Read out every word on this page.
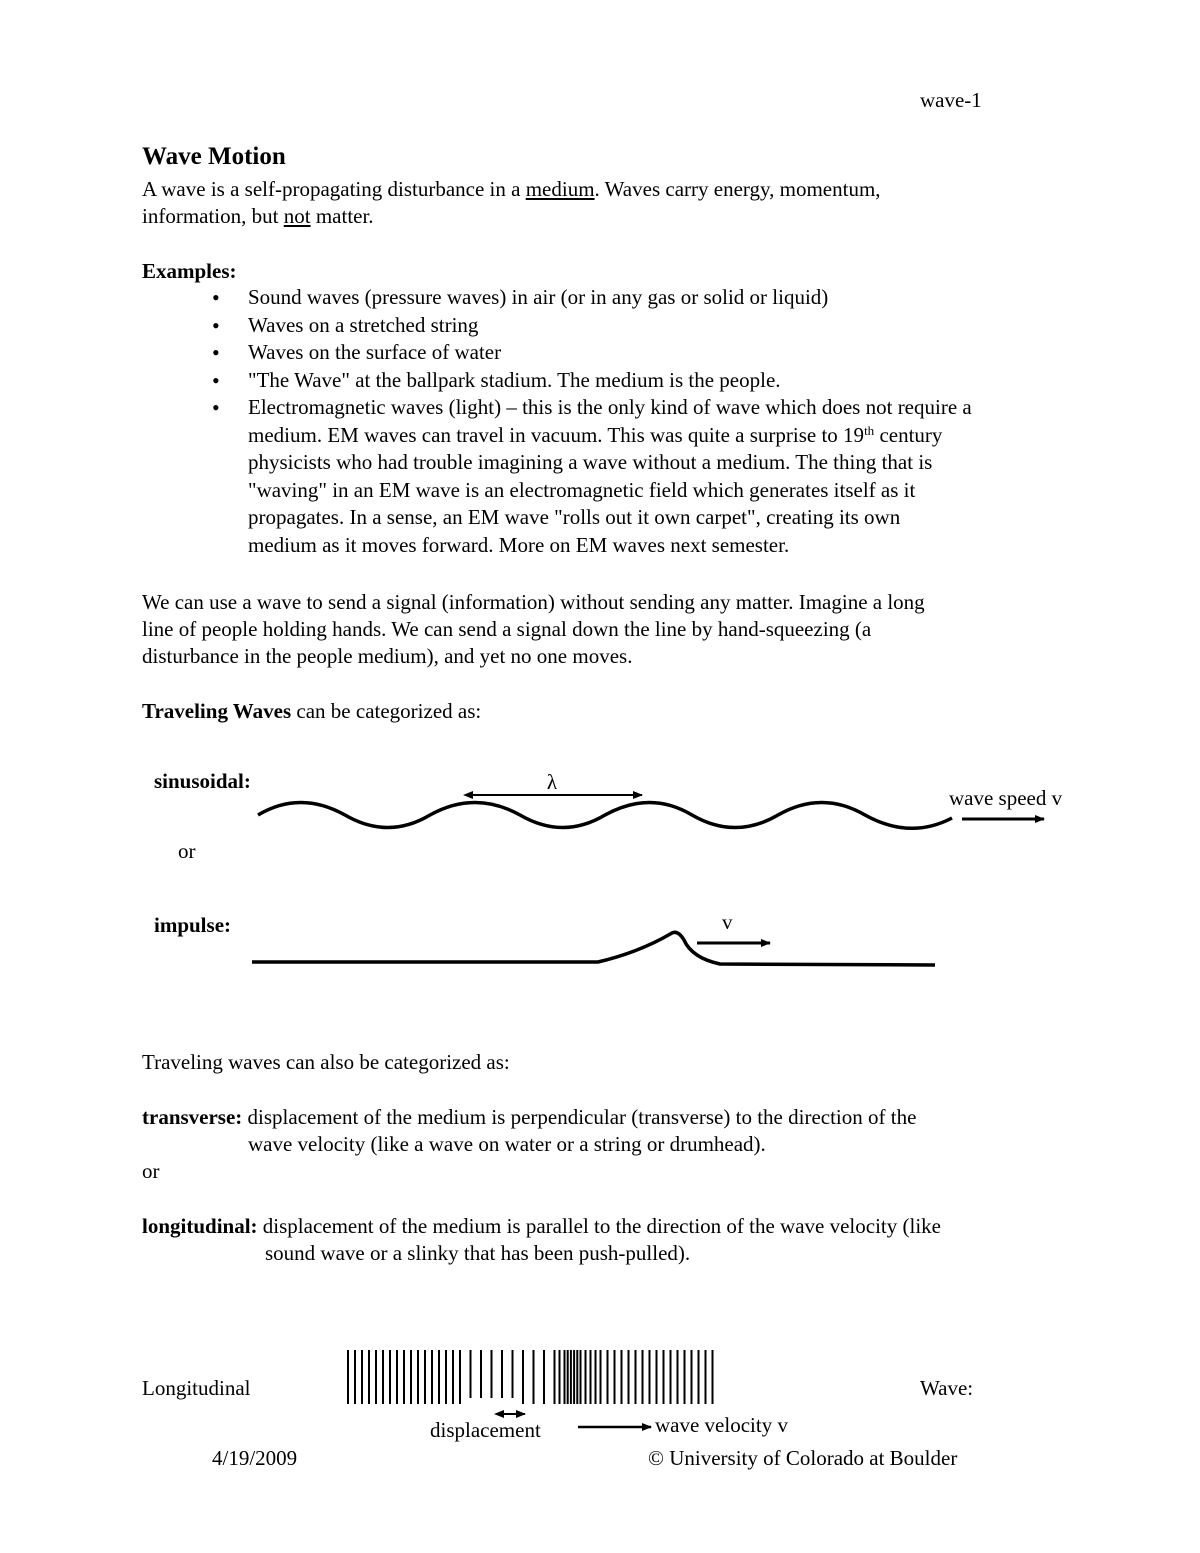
wave-1
Wave Motion
A wave is a self-propagating disturbance in a medium. Waves carry energy, momentum,
information, but not matter.
Examples:
• Sound waves (pressure waves) in air (or in any gas or solid or liquid)
• Waves on a stretched string
• Waves on the surface of water
• "The Wave" at the ballpark stadium. The medium is the people.
• Electromagnetic waves (light) – this is the only kind of wave which does not require a
medium. EM waves can travel in vacuum. This was quite a surprise to 19th century
physicists who had trouble imagining a wave without a medium. The thing that is
"waving" in an EM wave is an electromagnetic field which generates itself as it
propagates. In a sense, an EM wave "rolls out it own carpet", creating its own
medium as it moves forward. More on EM waves next semester.
We can use a wave to send a signal (information) without sending any matter. Imagine a long
line of people holding hands. We can send a signal down the line by hand-squeezing (a
disturbance in the people medium), and yet no one moves.
Traveling Waves can be categorized as:
sinusoidal:	λ
wave speed v
or
impulse:	v
Traveling waves can also be categorized as:
transverse: displacement of the medium is perpendicular (transverse) to the direction of the
wave velocity (like a wave on water or a string or drumhead).
or
longitudinal: displacement of the medium is parallel to the direction of the wave velocity (like
sound wave or a slinky that has been push-pulled).
Longitudinal	Wave:
displacement	wave velocity v
4/19/2009	© University of Colorado at Boulder
